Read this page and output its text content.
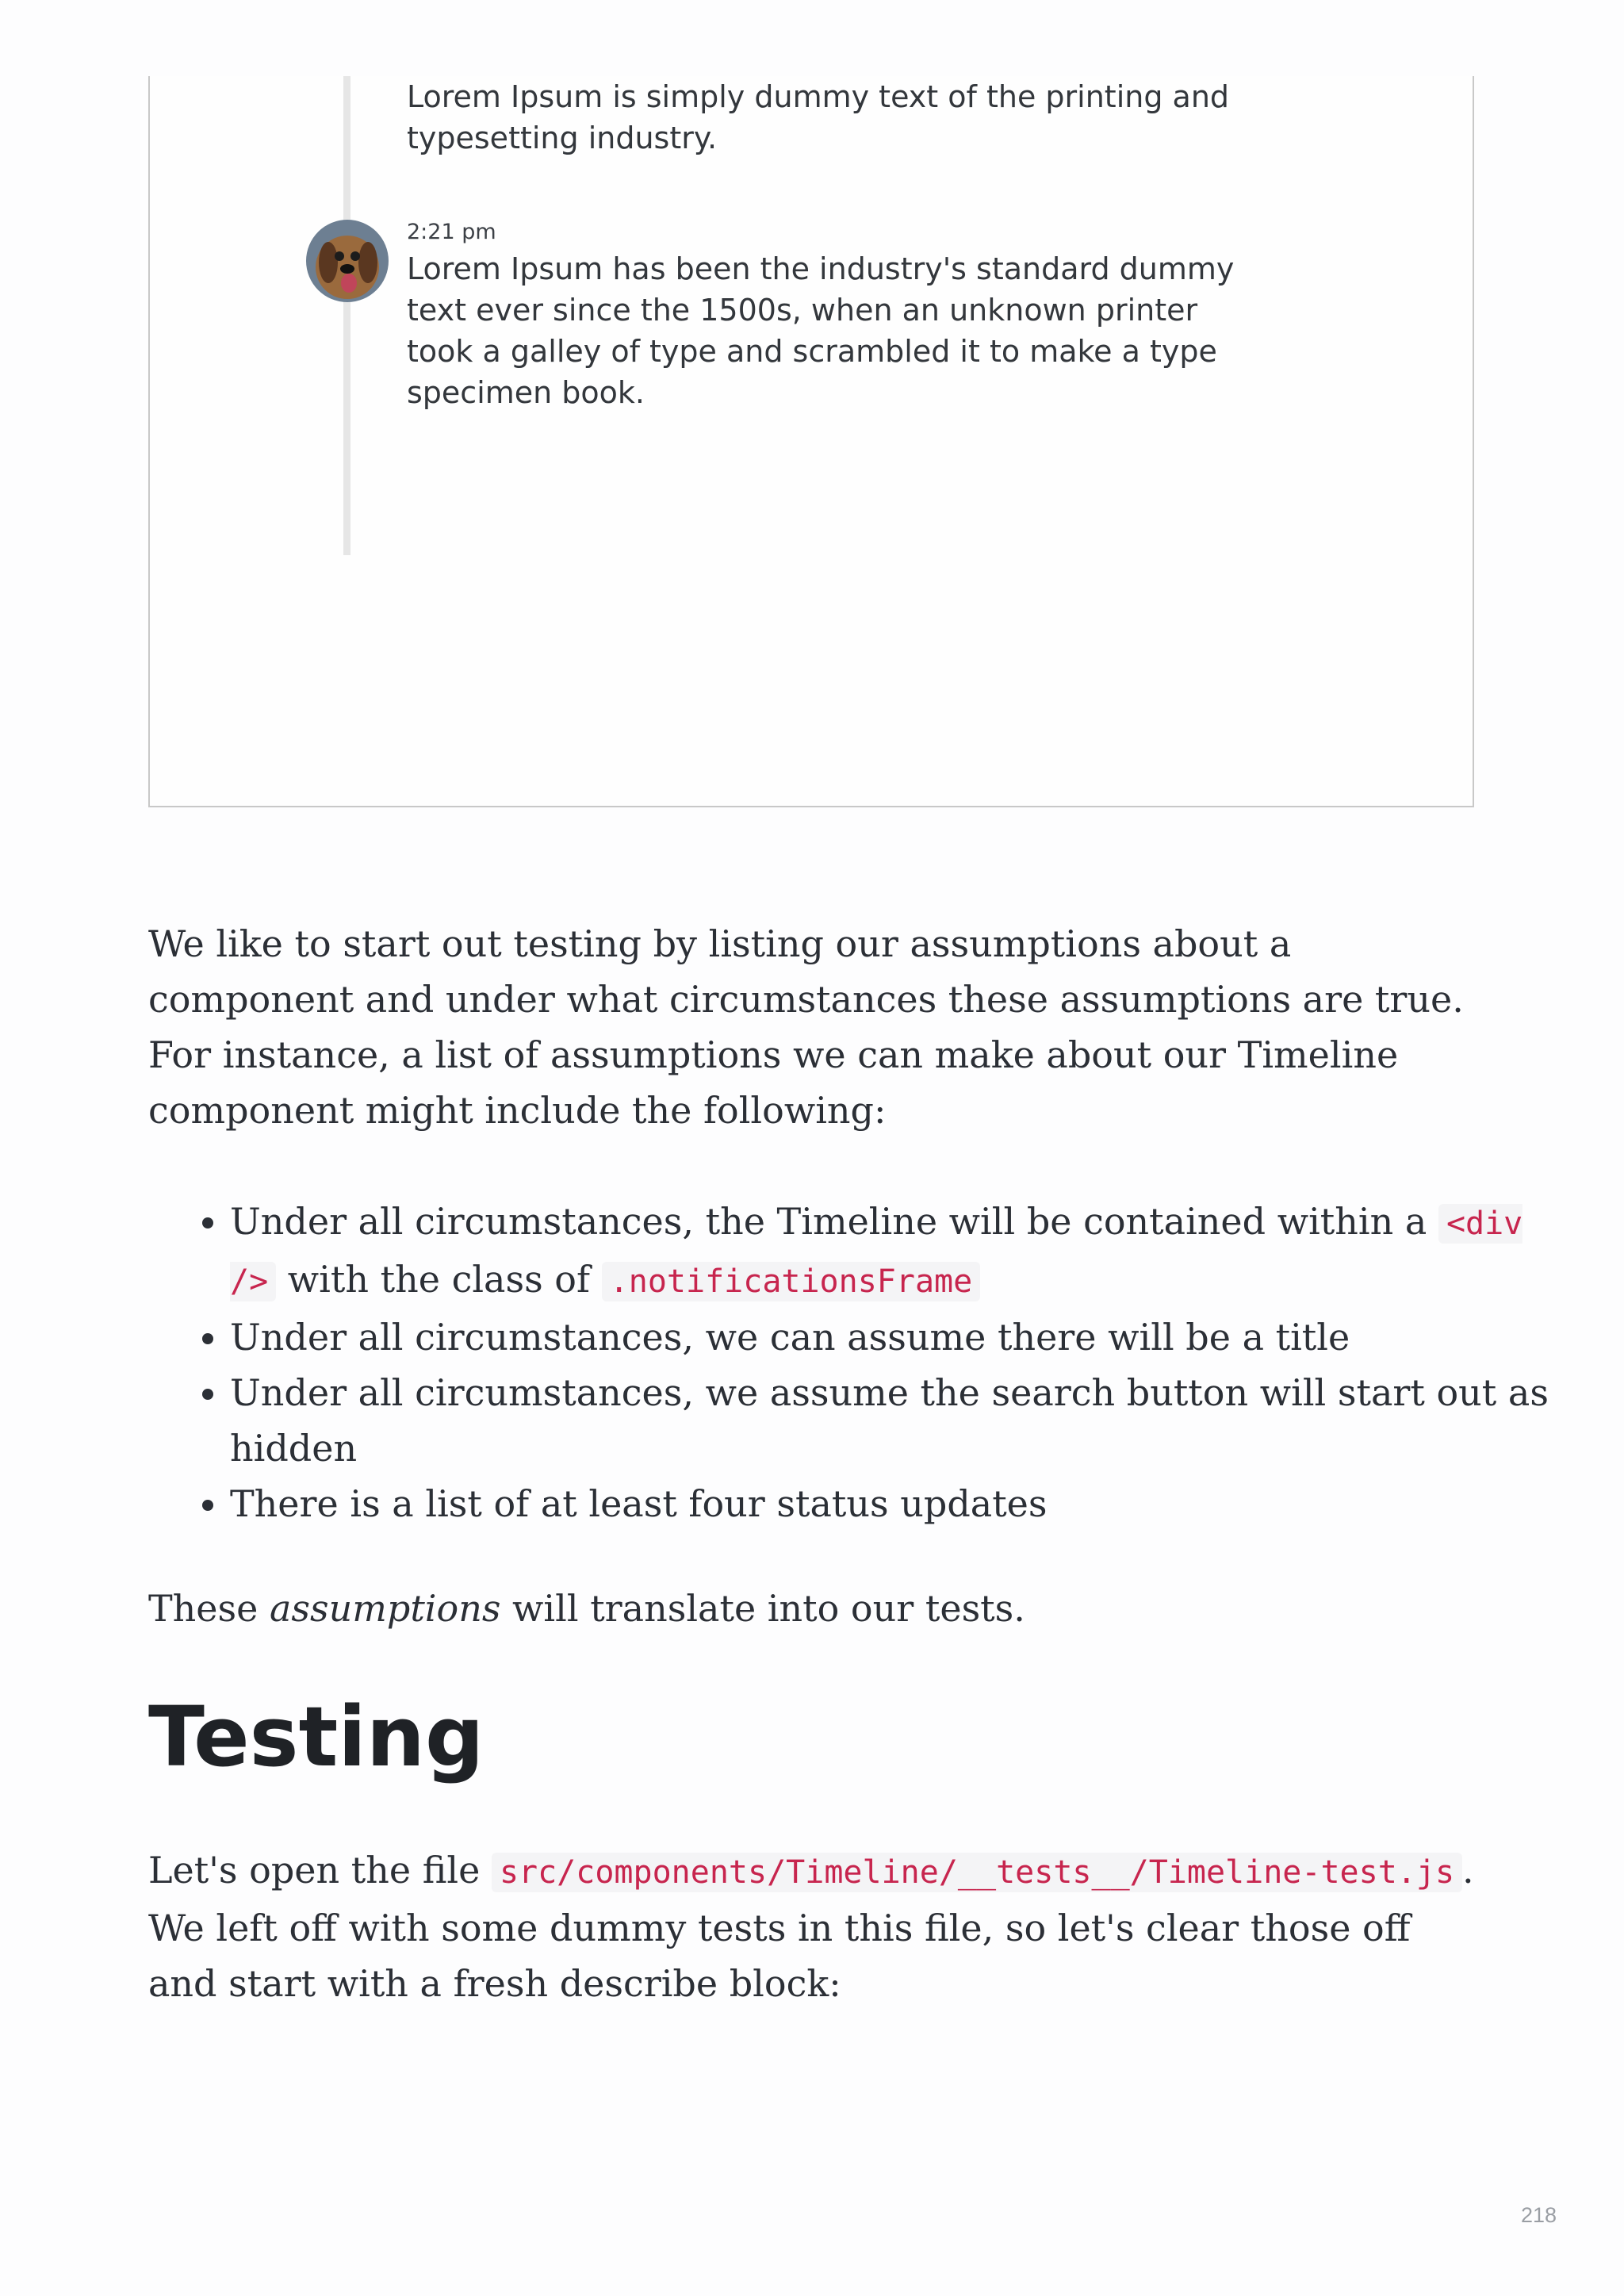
Lorem Ipsum is simply dummy text of the printing and typesetting industry.
2:21 pm
Lorem Ipsum has been the industry's standard dummy text ever since the 1500s, when an unknown printer took a galley of type and scrambled it to make a type specimen book.

We like to start out testing by listing our assumptions about a component and under what circumstances these assumptions are true. For instance, a list of assumptions we can make about our Timeline component might include the following:

• Under all circumstances, the Timeline will be contained within a <div /> with the class of .notificationsFrame
• Under all circumstances, we can assume there will be a title
• Under all circumstances, we assume the search button will start out as hidden
• There is a list of at least four status updates

These assumptions will translate into our tests.

Testing

Let's open the file src/components/Timeline/__tests__/Timeline-test.js . We left off with some dummy tests in this file, so let's clear those off and start with a fresh describe block:

218
